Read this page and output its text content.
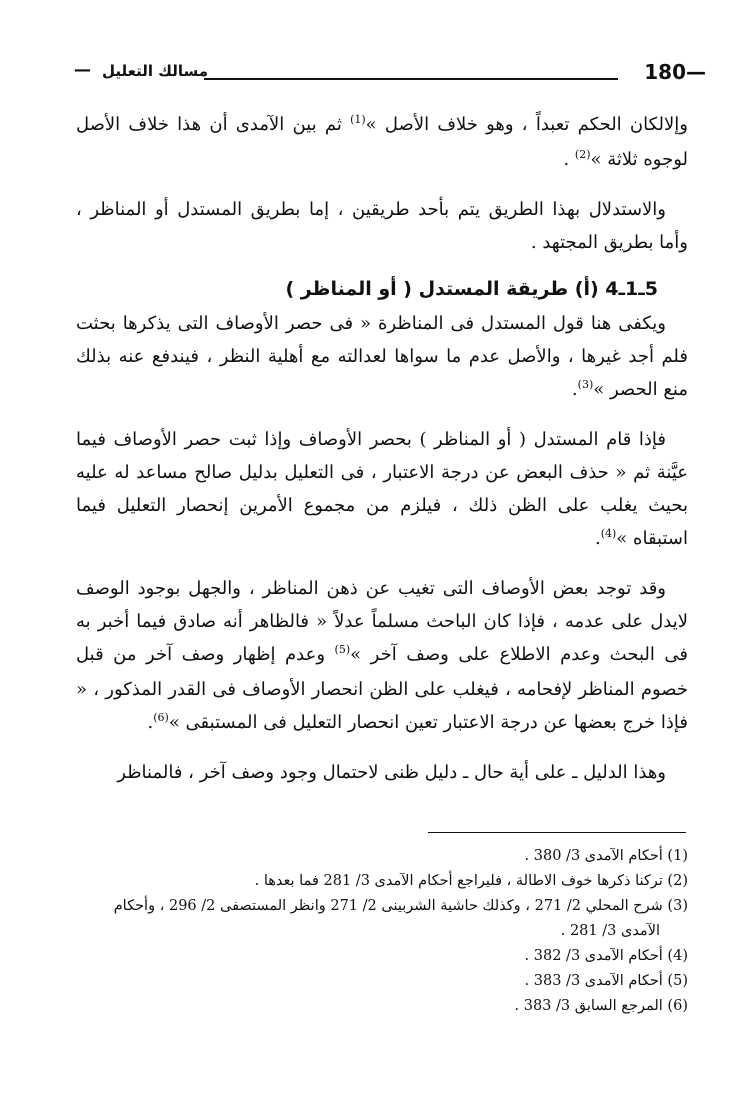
—
180
مسالك التعليل
—

وإلالكان الحكم تعبداً ، وهو خلاف الأصل »$^{(1)}$ ثم بين الآمدى أن هذا خلاف الأصل لوجوه ثلاثة »$^{(2)}$ .

والاستدلال بهذا الطريق يتم بأحد طريقين ، إما بطريق المستدل أو المناظر ، وأما بطريق المجتهد .

5ـ1ـ4 (أ) طريقة المستدل ( أو المناظر )

ويكفى هنا قول المستدل فى المناظرة « فى حصر الأوصاف التى يذكرها بحثت فلم أجد غيرها ، والأصل عدم ما سواها لعدالته مع أهلية النظر ، فيندفع عنه بذلك منع الحصر »$^{(3)}$.

فإذا قام المستدل ( أو المناظر ) بحصر الأوصاف وإذا ثبت حصر الأوصاف فيما عيَّنة ثم « حذف البعض عن درجة الاعتبار ، فى التعليل بدليل صالح مساعد له عليه بحيث يغلب على الظن ذلك ، فيلزم من مجموع الأمرين إنحصار التعليل فيما استبقاه »$^{(4)}$.

وقد توجد بعض الأوصاف التى تغيب عن ذهن المناظر ، والجهل بوجود الوصف لايدل على عدمه ، فإذا كان الباحث مسلماً عدلاً « فالظاهر أنه صادق فيما أخبر به فى البحث وعدم الاطلاع على وصف آخر »$^{(5)}$ وعدم إظهار وصف آخر من قبل خصوم المناظر لإفحامه ، فيغلب على الظن انحصار الأوصاف فى القدر المذكور ، « فإذا خرج بعضها عن درجة الاعتبار تعين انحصار التعليل فى المستبقى »$^{(6)}$.

وهذا الدليل ـ على أية حال ـ دليل ظنى لاحتمال وجود وصف آخر ، فالمناظر

(1) أحكام الآمدى 3/ 380 .

(2) تركنا ذكرها خوف الاطالة ، فليراجع أحكام الآمدى 3/ 281 فما بعدها .

(3) شرح المحلي 2/ 271 ، وكذلك حاشية الشربينى 2/ 271 وانظر المستصفى 2/ 296 ، وأحكام

الآمدى 3/ 281 .

(4) أحكام الآمدى 3/ 382 .

(5) أحكام الآمدى 3/ 383 .

(6) المرجع السابق 3/ 383 .
